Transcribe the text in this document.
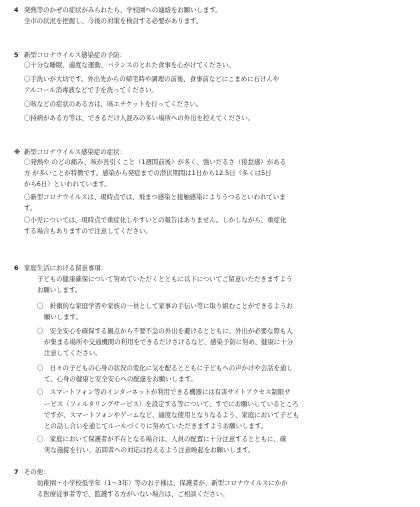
4 発熱等のかぜの症状がみられたら、学校園への連絡をお願いします。

全市の状況を把握し、今後の対策を検討する必要があります。

5 新型コロナウイルス感染症の予防：

〇十分な睡眠、適度な運動、バランスのとれた食事を心がけてください。

〇手洗いが大切です。外出先からの帰宅時や調理の前後、食事前などにこまめに石けんや

アルコール消毒液などで手を洗ってください。

〇咳などの症状のある方は、咳エチケットを行ってください。

〇持病がある方等は、できるだけ人混みの多い場所への外出を控えてください。

※ 新型コロナウイルス感染症の症状：

〇発熱や のどの痛み、咳が長引くこと（1週間前後）が多く、強いだるさ（倦怠感）がある

方 が多いことが特徴です。感染から発症までの潜伏期間は1日から12.5日（多くは5日

から6日）といわれています。

〇新型コロナウイルスは、現時点では、飛まつ感染と接触感染によりうつるといわれていま

す。

〇小児については、現時点で重症化しやすいとの報告はありません。しかしながら、重症化

する場合もありますので注意してください。

6 家庭生活における留意事項：

子どもの健康確保について努めていただくとともに以下についてご留意いただきますよう

お願いします。

〇　折衝的な家庭学習や家族の一員として家事の手伝い等に取り組むことができるようお

願いします。

〇　安全安心を確保する観点から不要不急の外出を避けるとともに、外出が必要な際も人

が集まる場所や交通機関の利用をできるだけさけるなど、感染予防に努め、健康に十分

注意してください。

〇　日々の子どもの心身の状況の変化に気を配るとともに子どもへの声かけや会話を通し

て、心身の健康と安全安心への配慮をお願いします。

〇　スマートフォン等のインターネットが利用できる機器には有害サイトアクセス制限サ

ービス（フィルタリングサービス）を設定する等について、すでにお願いしているところ

ですが、スマートフォンやゲームなど、適度な使用となりなるよう、家庭において子ども

との話し合いを通じてルールづくりに努めていただきますようお願いします。

〇　家庭において保護者が不在となる場合は、人員の配置に十分注意するとともに、確

実な施錠を行い、訪問者への対応は控えるよう注意喚起をお願いします。

7 その他：

幼稚園・小学校低学年（1～3年）等のお子様は、保護者が、新型コロナウイルスにかか

る医療従事者等で、監護する方がいない場合は、ご相談ください。
